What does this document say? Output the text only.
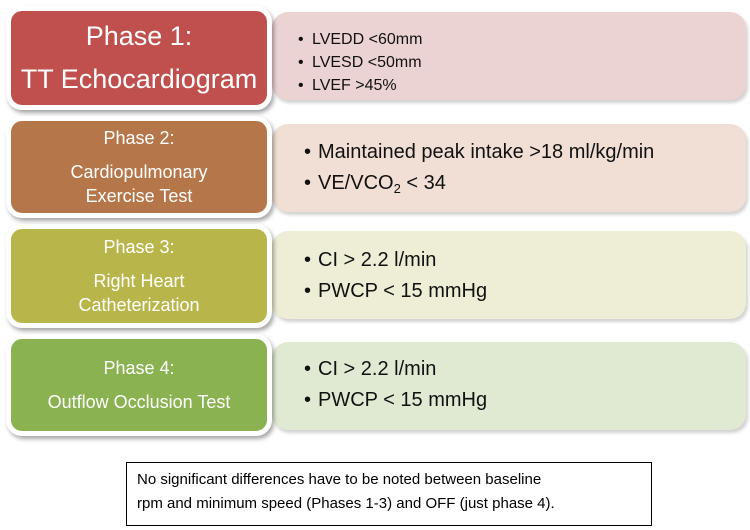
• LVEDD <60mm
• LVESD <50mm
• LVEF >45%
Phase 1:
TT Echocardiogram
Phase 2:
Cardiopulmonary
Exercise Test
• Maintained peak intake >18 ml/kg/min
• $VE/VCO_2 < 34$
Phase 3:
Right Heart
Catheterization
• CI > 2.2 l/min
• PWCP < 15 mmHg
Phase 4:
Outflow Occlusion Test
• CI > 2.2 l/min
• PWCP < 15 mmHg
No significant differences have to be noted between baseline
rpm and minimum speed (Phases 1-3) and OFF (just phase 4).
